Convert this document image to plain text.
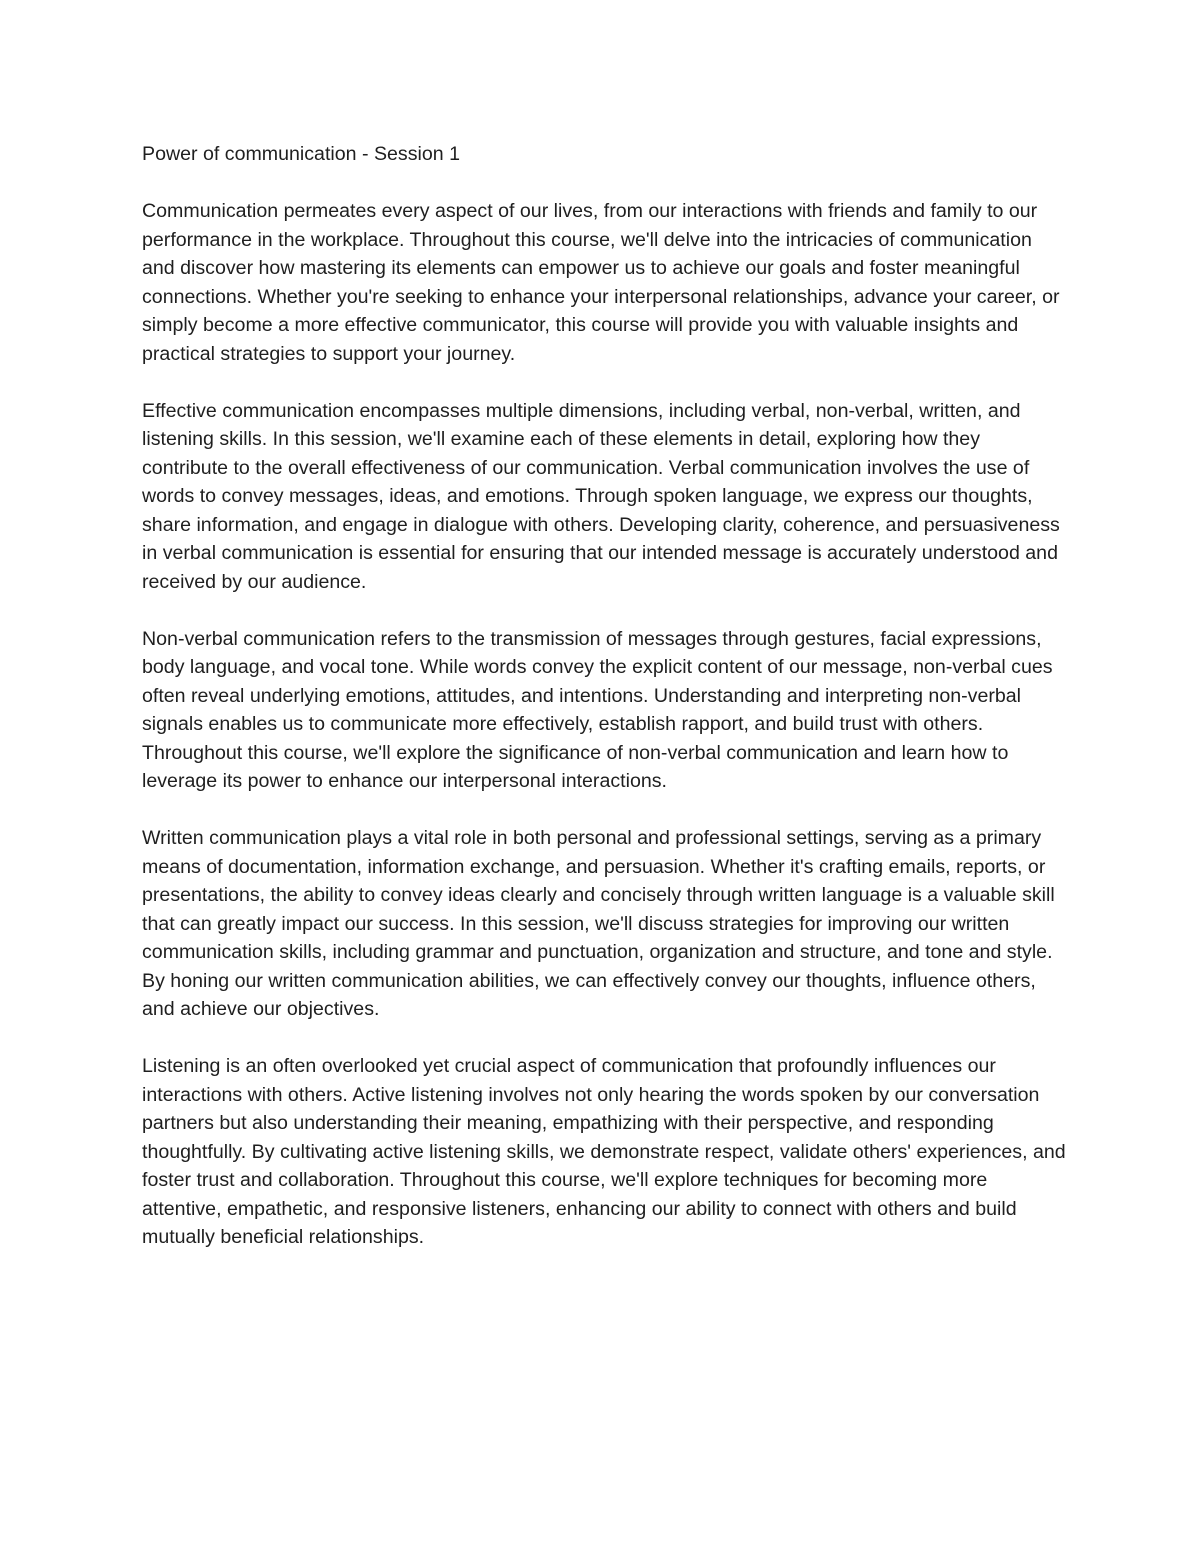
Power of communication - Session 1

Communication permeates every aspect of our lives, from our interactions with friends and family to our performance in the workplace. Throughout this course, we'll delve into the intricacies of communication and discover how mastering its elements can empower us to achieve our goals and foster meaningful connections. Whether you're seeking to enhance your interpersonal relationships, advance your career, or simply become a more effective communicator, this course will provide you with valuable insights and practical strategies to support your journey.

Effective communication encompasses multiple dimensions, including verbal, non-verbal, written, and listening skills. In this session, we'll examine each of these elements in detail, exploring how they contribute to the overall effectiveness of our communication. Verbal communication involves the use of words to convey messages, ideas, and emotions. Through spoken language, we express our thoughts, share information, and engage in dialogue with others. Developing clarity, coherence, and persuasiveness in verbal communication is essential for ensuring that our intended message is accurately understood and received by our audience.

Non-verbal communication refers to the transmission of messages through gestures, facial expressions, body language, and vocal tone. While words convey the explicit content of our message, non-verbal cues often reveal underlying emotions, attitudes, and intentions. Understanding and interpreting non-verbal signals enables us to communicate more effectively, establish rapport, and build trust with others. Throughout this course, we'll explore the significance of non-verbal communication and learn how to leverage its power to enhance our interpersonal interactions.

Written communication plays a vital role in both personal and professional settings, serving as a primary means of documentation, information exchange, and persuasion. Whether it's crafting emails, reports, or presentations, the ability to convey ideas clearly and concisely through written language is a valuable skill that can greatly impact our success. In this session, we'll discuss strategies for improving our written communication skills, including grammar and punctuation, organization and structure, and tone and style. By honing our written communication abilities, we can effectively convey our thoughts, influence others, and achieve our objectives.

Listening is an often overlooked yet crucial aspect of communication that profoundly influences our interactions with others. Active listening involves not only hearing the words spoken by our conversation partners but also understanding their meaning, empathizing with their perspective, and responding thoughtfully. By cultivating active listening skills, we demonstrate respect, validate others' experiences, and foster trust and collaboration. Throughout this course, we'll explore techniques for becoming more attentive, empathetic, and responsive listeners, enhancing our ability to connect with others and build mutually beneficial relationships.
